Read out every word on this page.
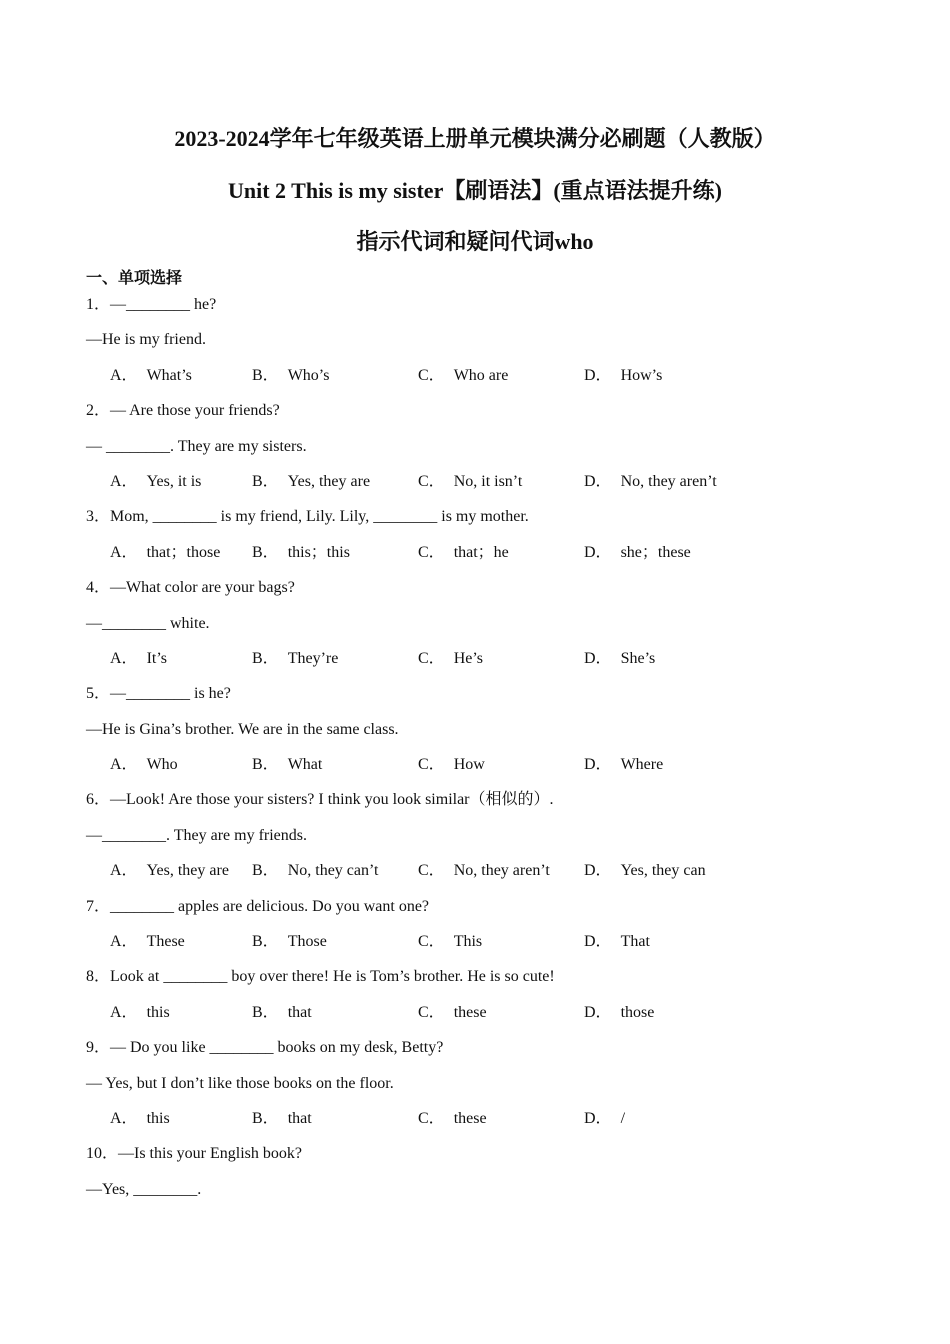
2023-2024学年七年级英语上册单元模块满分必刷题（人教版）
Unit 2 This is my sister【刷语法】(重点语法提升练)
指示代词和疑问代词who
一、单项选择
1．—________ he?
—He is my friend.
A． What’s	B． Who’s	C． Who are	D． How’s
2．— Are those your friends?
— ________. They are my sisters.
A． Yes, it is	B． Yes, they are	C． No, it isn’t	D． No, they aren’t
3．Mom, ________ is my friend, Lily. Lily, ________ is my mother.
A． that；those B． this；this	C． that；he	D． she；these
4．—What color are your bags?
—________ white.
A． It’s	B． They’re	C． He’s	D． She’s
5．—________ is he?
—He is Gina’s brother. We are in the same class.
A． Who	B． What	C． How	D． Where
6．—Look! Are those your sisters? I think you look similar（相似的）.
—________. They are my friends.
A． Yes, they are B． No, they can’t C． No, they aren’t D． Yes, they can
7．________ apples are delicious. Do you want one?
A． These	B． Those	C． This	D． That
8．Look at ________ boy over there! He is Tom’s brother. He is so cute!
A． this	B． that	C． these	D． those
9．— Do you like ________ books on my desk, Betty?
— Yes, but I don’t like those books on the floor.
A． this	B． that	C． these	D． /
10．—Is this your English book?
—Yes, ________.
